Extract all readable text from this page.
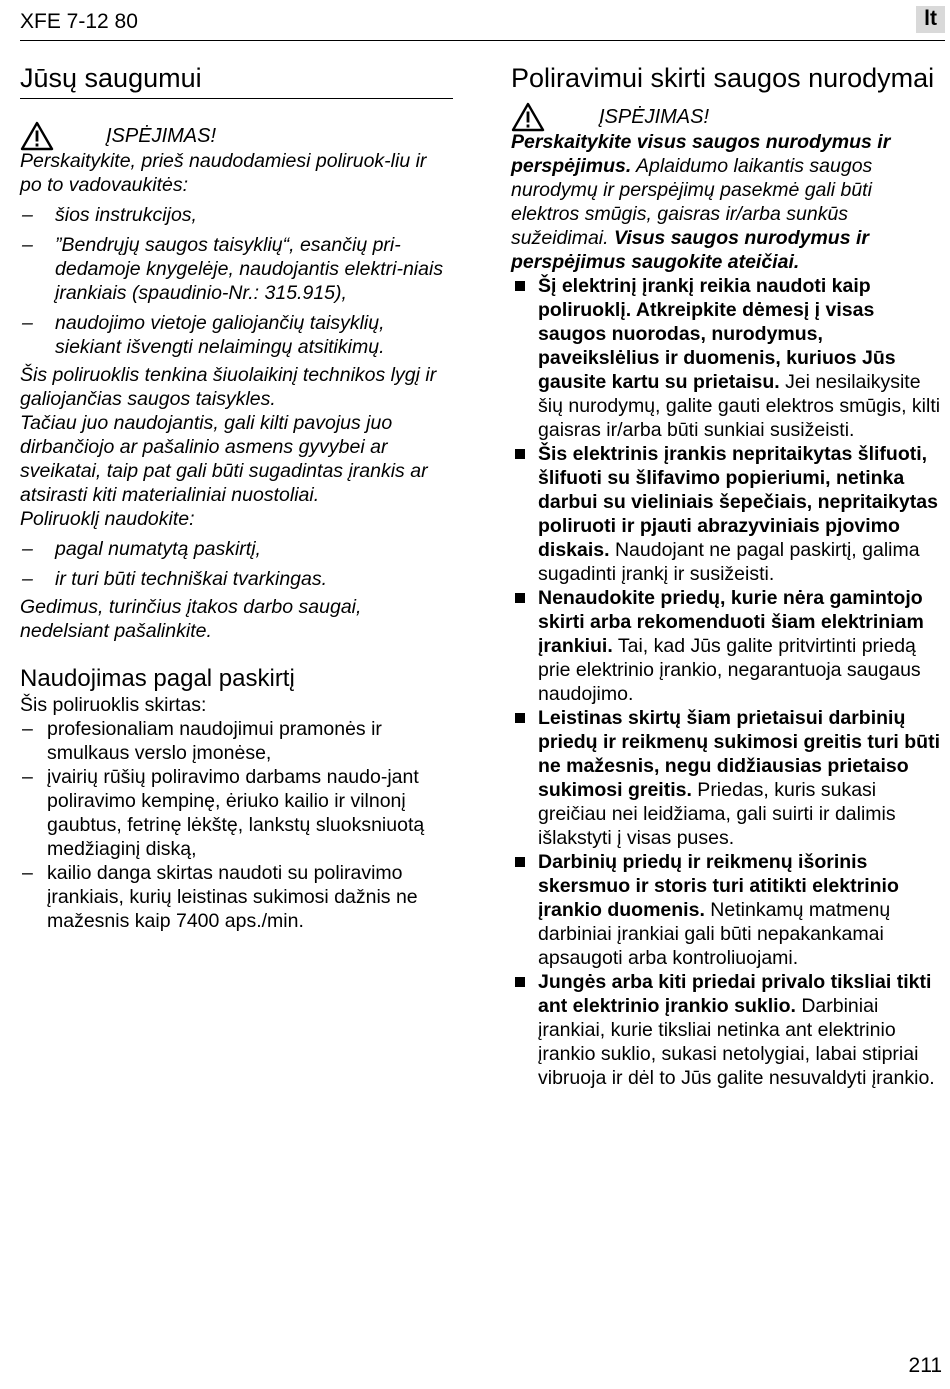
XFE 7-12 80	lt
Jūsų saugumui
ĮSPĖJIMAS!

Perskaitykite, prieš naudodamiesi poliruok-liu ir po to vadovaukitės:

– šios instrukcijos,
– ”Bendrųjų saugos taisyklių“, esančių pri-dedamoje knygelėje, naudojantis elektri-niais įrankiais (spaudinio-Nr.: 315.915),
– naudojimo vietoje galiojančių taisyklių, siekiant išvengti nelaimingų atsitikimų.

Šis poliruoklis tenkina šiuolaikinį technikos lygį ir galiojančias saugos taisykles.

Tačiau juo naudojantis, gali kilti pavojus juo dirbančiojo ar pašalinio asmens gyvybei ar sveikatai, taip pat gali būti sugadintas įrankis ar atsirasti kiti materialiniai nuostoliai.

Poliruoklį naudokite:

– pagal numatytą paskirtį,
– ir turi būti techniškai tvarkingas.

Gedimus, turinčius įtakos darbo saugai, nedelsiant pašalinkite.

Naudojimas pagal paskirtį

Šis poliruoklis skirtas:

– profesionaliam naudojimui pramonės ir smulkaus verslo įmonėse,
– įvairių rūšių poliravimo darbams naudo-jant poliravimo kempinę, ėriuko kailio ir vilnonį gaubtus, fetrinę lėkštę, lankstų sluoksniuotą medžiaginį diską,
– kailio danga skirtas naudoti su poliravimo įrankiais, kurių leistinas sukimosi dažnis ne mažesnis kaip 7400 aps./min.
Poliravimui skirti saugos nurodymai
ĮSPĖJIMAS!

Perskaitykite visus saugos nurodymus ir perspėjimus. Aplaidumo laikantis saugos nurodymų ir perspėjimų pasekmė gali būti elektros smūgis, gaisras ir/arba sunkūs sužeidimai. Visus saugos nurodymus ir perspėjimus saugokite ateičiai.

Šį elektrinį įrankį reikia naudoti kaip poliruoklį. Atkreipkite dėmesį į visas saugos nuorodas, nurodymus, paveikslėlius ir duomenis, kuriuos Jūs gausite kartu su prietaisu. Jei nesilaikysite šių nurodymų, galite gauti elektros smūgis, kilti gaisras ir/arba būti sunkiai susižeisti.
Šis elektrinis įrankis nepritaikytas šlifuoti, šlifuoti su šlifavimo popieriumi, netinka darbui su vieliniais šepečiais, nepritaikytas poliruoti ir pjauti abrazyviniais pjovimo diskais. Naudojant ne pagal paskirtį, galima sugadinti įrankį ir susižeisti.
Nenaudokite priedų, kurie nėra gamintojo skirti arba rekomenduoti šiam elektriniam įrankiui. Tai, kad Jūs galite pritvirtinti priedą prie elektrinio įrankio, negarantuoja saugaus naudojimo.
Leistinas skirtų šiam prietaisui darbinių priedų ir reikmenų sukimosi greitis turi būti ne mažesnis, negu didžiausias prietaiso sukimosi greitis. Priedas, kuris sukasi greičiau nei leidžiama, gali suirti ir dalimis išlakstyti į visas puses.
Darbinių priedų ir reikmenų išorinis skersmuo ir storis turi atitikti elektrinio įrankio duomenis. Netinkamų matmenų darbiniai įrankiai gali būti nepakankamai apsaugoti arba kontroliuojami.
Jungės arba kiti priedai privalo tiksliai tikti ant elektrinio įrankio suklio. Darbiniai įrankiai, kurie tiksliai netinka ant elektrinio įrankio suklio, sukasi netolygiai, labai stipriai vibruoja ir dėl to Jūs galite nesuvaldyti įrankio.
211
